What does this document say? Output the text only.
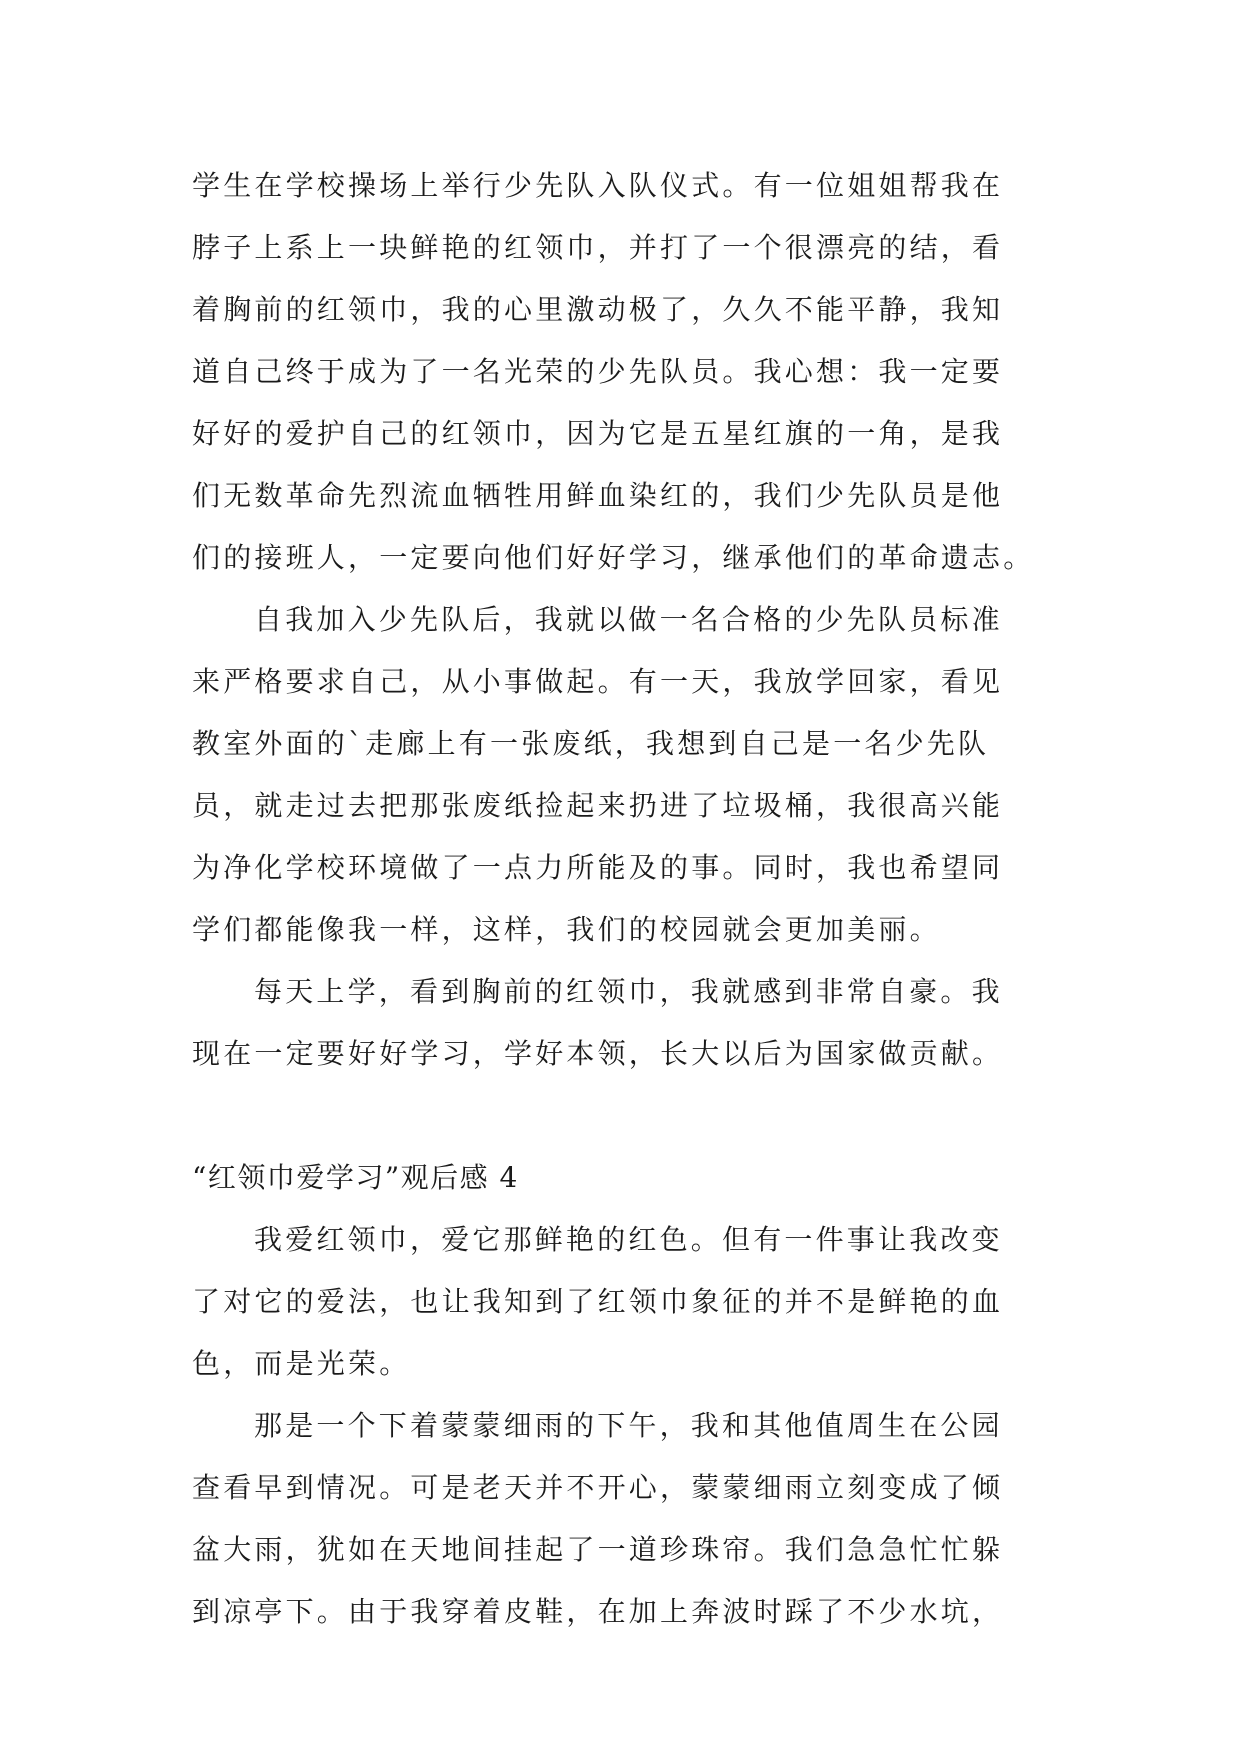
学生在学校操场上举行少先队入队仪式。有一位姐姐帮我在
脖子上系上一块鲜艳的红领巾，并打了一个很漂亮的结，看
着胸前的红领巾，我的心里激动极了，久久不能平静，我知
道自己终于成为了一名光荣的少先队员。我心想：我一定要
好好的爱护自己的红领巾，因为它是五星红旗的一角，是我
们无数革命先烈流血牺牲用鲜血染红的，我们少先队员是他
们的接班人，一定要向他们好好学习，继承他们的革命遗志。
自我加入少先队后，我就以做一名合格的少先队员标准
来严格要求自己，从小事做起。有一天，我放学回家，看见
教室外面的`走廊上有一张废纸，我想到自己是一名少先队
员，就走过去把那张废纸捡起来扔进了垃圾桶，我很高兴能
为净化学校环境做了一点力所能及的事。同时，我也希望同
学们都能像我一样，这样，我们的校园就会更加美丽。
每天上学，看到胸前的红领巾，我就感到非常自豪。我
现在一定要好好学习，学好本领，长大以后为国家做贡献。
“红领巾爱学习”观后感 4
我爱红领巾，爱它那鲜艳的红色。但有一件事让我改变
了对它的爱法，也让我知到了红领巾象征的并不是鲜艳的血
色，而是光荣。
那是一个下着蒙蒙细雨的下午，我和其他值周生在公园
查看早到情况。可是老天并不开心，蒙蒙细雨立刻变成了倾
盆大雨，犹如在天地间挂起了一道珍珠帘。我们急急忙忙躲
到凉亭下。由于我穿着皮鞋，在加上奔波时踩了不少水坑，
